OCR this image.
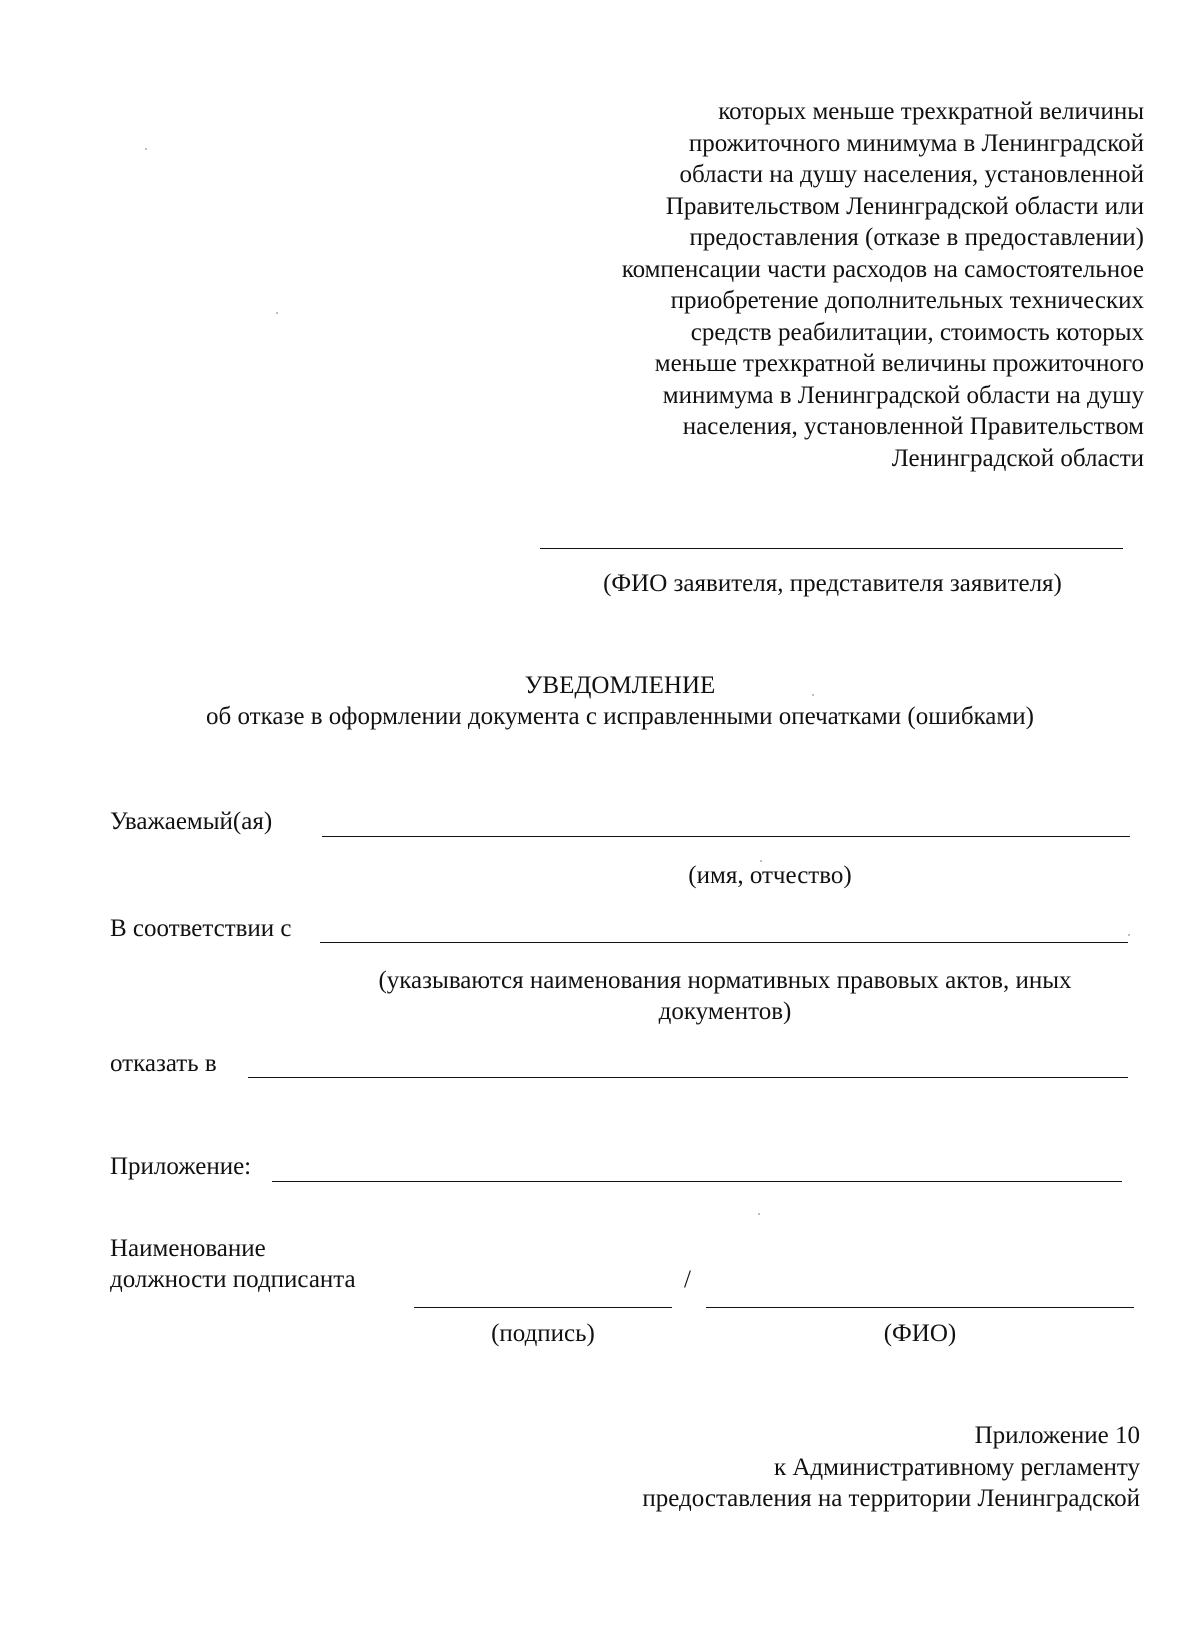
которых меньше трехкратной величины
прожиточного минимума в Ленинградской
области на душу населения, установленной
Правительством Ленинградской области или
предоставления (отказе в предоставлении)
компенсации части расходов на самостоятельное
приобретение дополнительных технических
средств реабилитации, стоимость которых
меньше трехкратной величины прожиточного
минимума в Ленинградской области на душу
населения, установленной Правительством
Ленинградской области
(ФИО заявителя, представителя заявителя)
УВЕДОМЛЕНИЕ
об отказе в оформлении документа с исправленными опечатками (ошибками)
Уважаемый(ая)
(имя, отчество)
В соответствии с
(указываются наименования нормативных правовых актов, иных
документов)
отказать в
Приложение:
Наименование
должности подписанта	/
(подпись)	(ФИО)
Приложение 10
к Административному регламенту
предоставления на территории Ленинградской
